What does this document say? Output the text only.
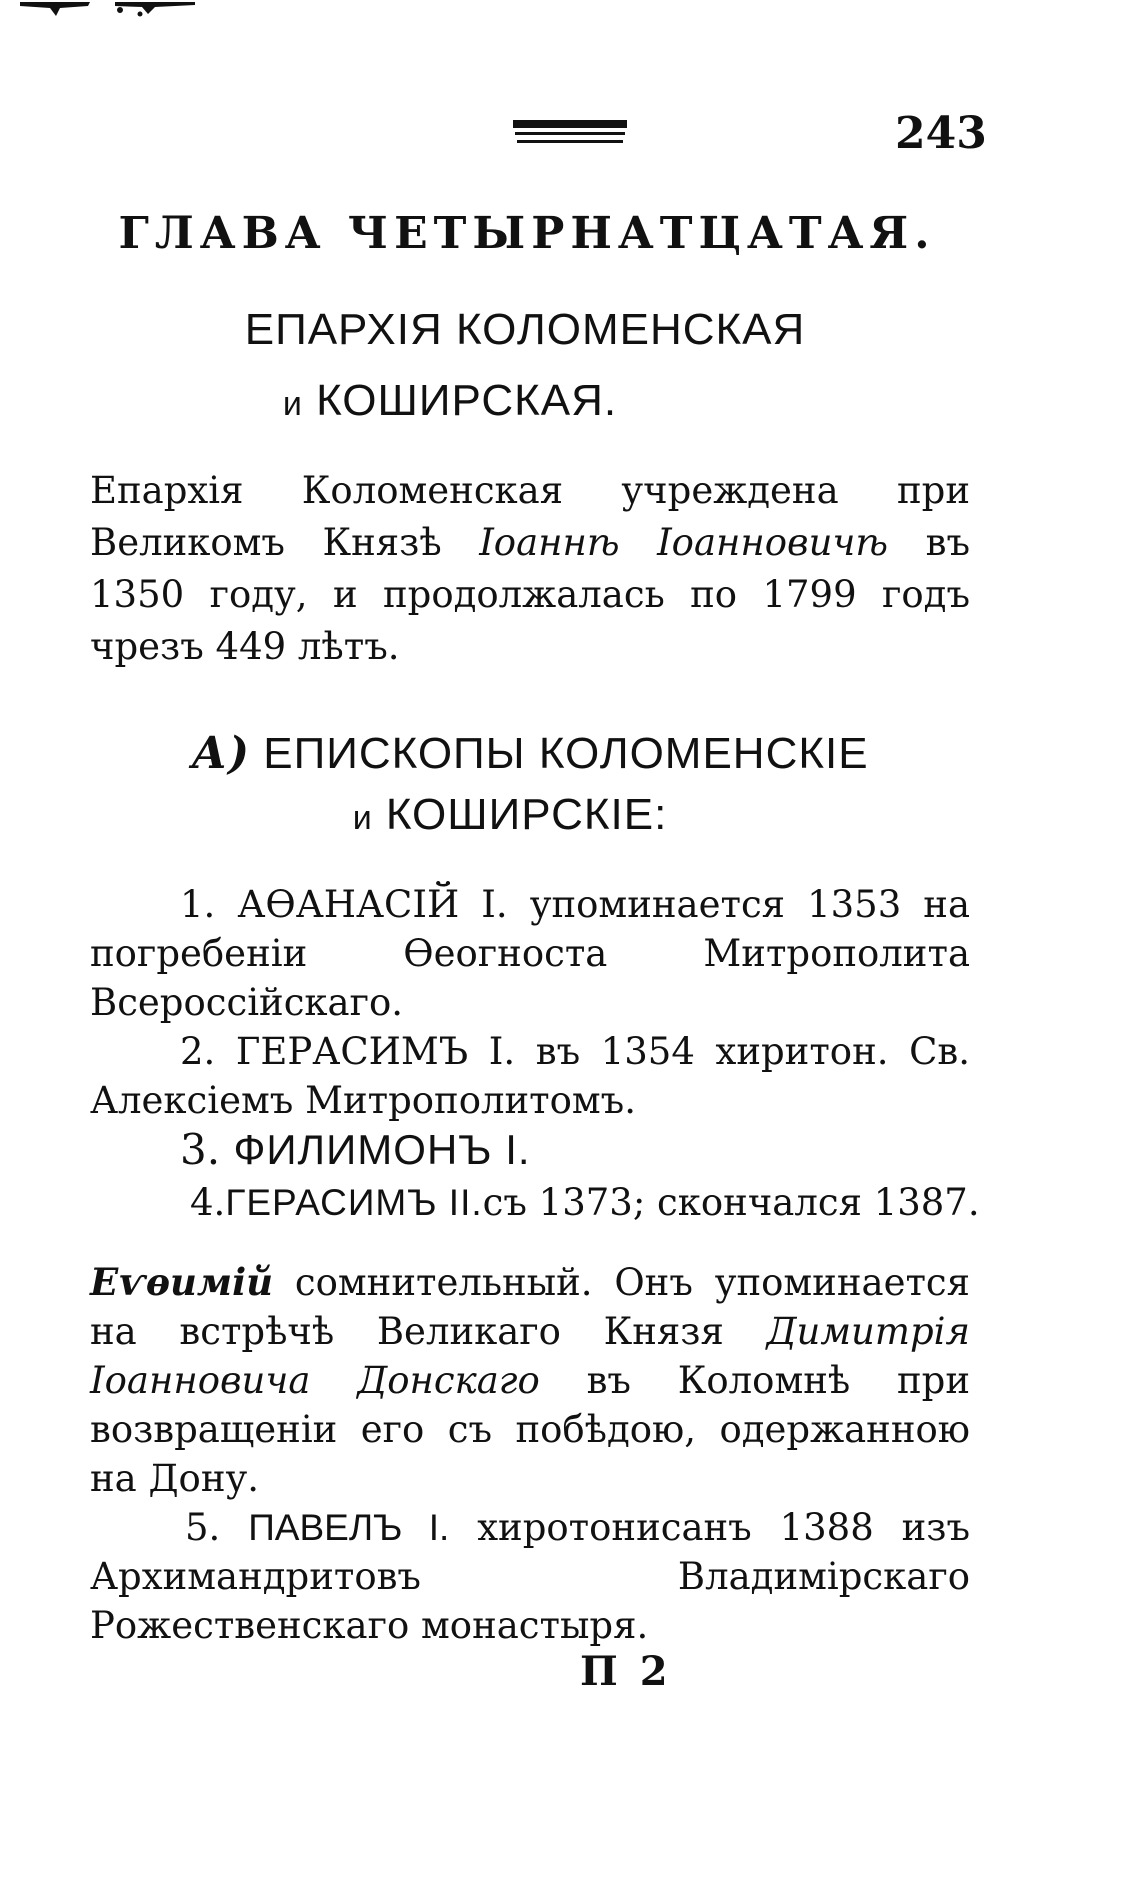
243
ГЛАВА ЧЕТЫРНАТЦАТАЯ.
ЕПАРХІЯ КОЛОМЕНСКАЯ
и КОШИРСКАЯ.
Епархія Коломенская учреждена при Великомъ Князѣ Іоаннѣ Іоанновичѣ въ 1350 году, и продолжалась по 1799 годъ чрезъ 449 лѣтъ.
А) ЕПИСКОПЫ КОЛОМЕНСКІЕ
и КОШИРСКІЕ:
1. АѲАНАСІЙ І. упоминается 1353 на погребеніи Ѳеогноста Митрополита Всероссійскаго.
2. ГЕРАСИМЪ І. въ 1354 хиритон. Св. Алексіемъ Митрополитомъ.
3. ФИЛИМОНЪ І.
4.ГЕРАСИМЪ ІІ.съ 1373; скончался 1387.
Еѵѳимій сомнительный. Онъ упоминается на встрѣчѣ Великаго Князя Димитрія Іоанновича Донскаго въ Коломнѣ при возвращеніи его съ побѣдою, одержанною на Дону.
5. ПАВЕЛЪ І. хиротонисанъ 1388 изъ Архимандритовъ Владимірскаго Рожественскаго монастыря.
П 2
